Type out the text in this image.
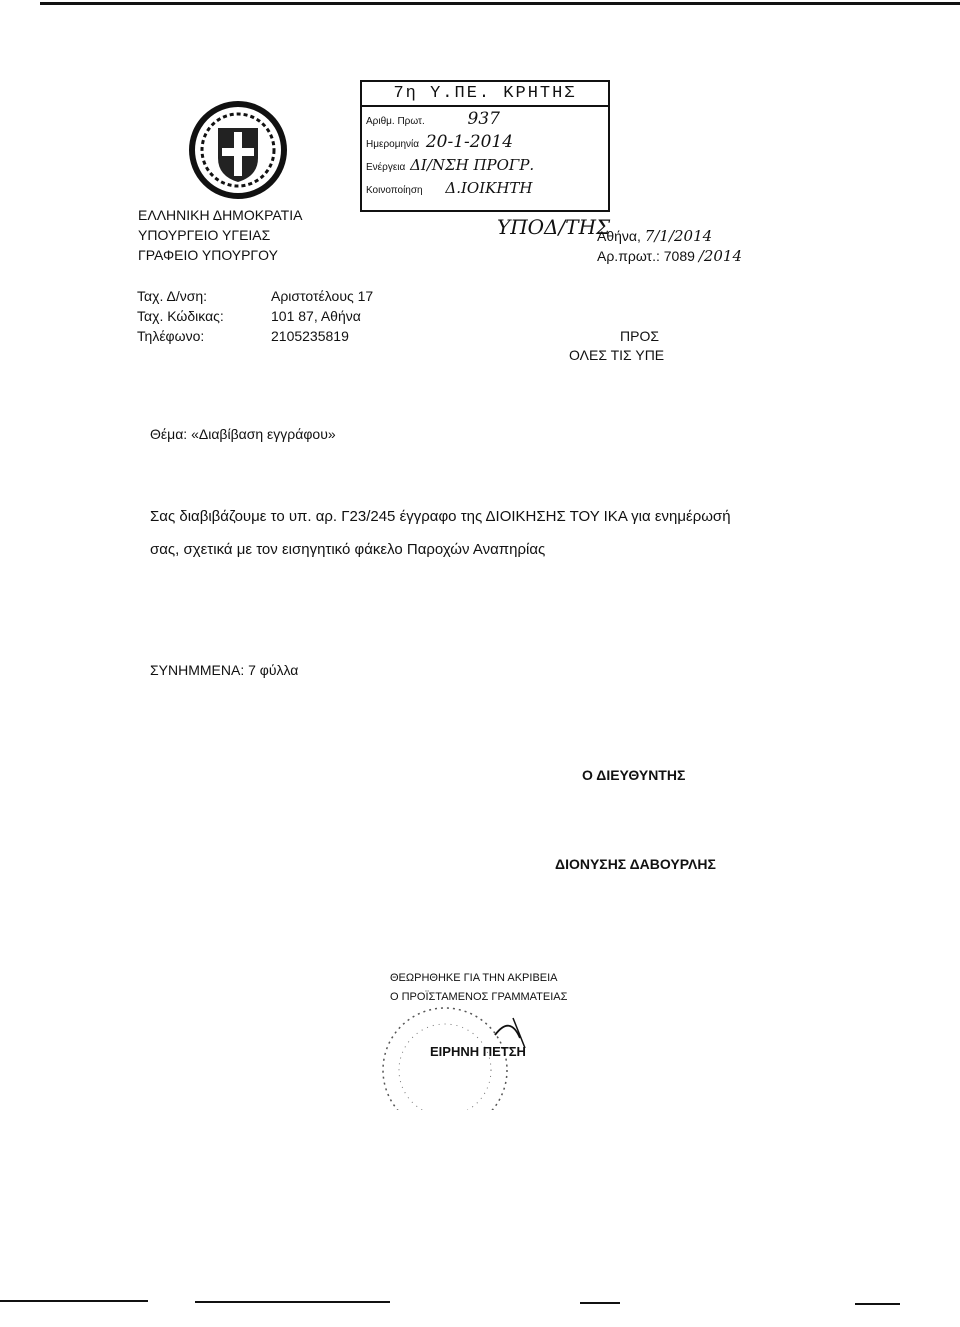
ΕΛΛΗΝΙΚΗ ΔΗΜΟΚΡΑΤΙΑ
ΥΠΟΥΡΓΕΙΟ ΥΓΕΙΑΣ
ΓΡΑΦΕΙΟ ΥΠΟΥΡΓΟΥ
7η Υ.ΠΕ. ΚΡΗΤΗΣ
Αριθμ. Πρωτ.	937
Ημερομηνία 20-1-2014
Ενέργεια ΔΙ/ΝΣΗ ΠΡΟΓΡ.
Κοινοποίηση Δ.ΙΟΙΚΗΤΗ
ΥΠΟΔ/ΤΗΣ
Αθήνα, 7/1/2014
Αρ.πρωτ.: 7089 /2014
Ταχ. Δ/νση:	Αριστοτέλους 17
Ταχ. Κώδικας:	101 87, Αθήνα
Τηλέφωνο:	2105235819	ΠΡΟΣ
ΟΛΕΣ ΤΙΣ ΥΠΕ
Θέμα: «Διαβίβαση εγγράφου»
Σας διαβιβάζουμε το υπ. αρ. Γ23/245 έγγραφο της ΔΙΟΙΚΗΣΗΣ ΤΟΥ ΙΚΑ για ενημέρωσή
σας, σχετικά με τον εισηγητικό φάκελο Παροχών Αναπηρίας
ΣΥΝΗΜΜΕΝΑ: 7 φύλλα
Ο ΔΙΕΥΘΥΝΤΗΣ
ΔΙΟΝΥΣΗΣ ΔΑΒΟΥΡΛΗΣ
ΘΕΩΡΗΘΗΚΕ ΓΙΑ ΤΗΝ ΑΚΡΙΒΕΙΑ
Ο ΠΡΟΪΣΤΑΜΕΝΟΣ ΓΡΑΜΜΑΤΕΙΑΣ
ΕΙΡΗΝΗ ΠΕΤΣΗ
